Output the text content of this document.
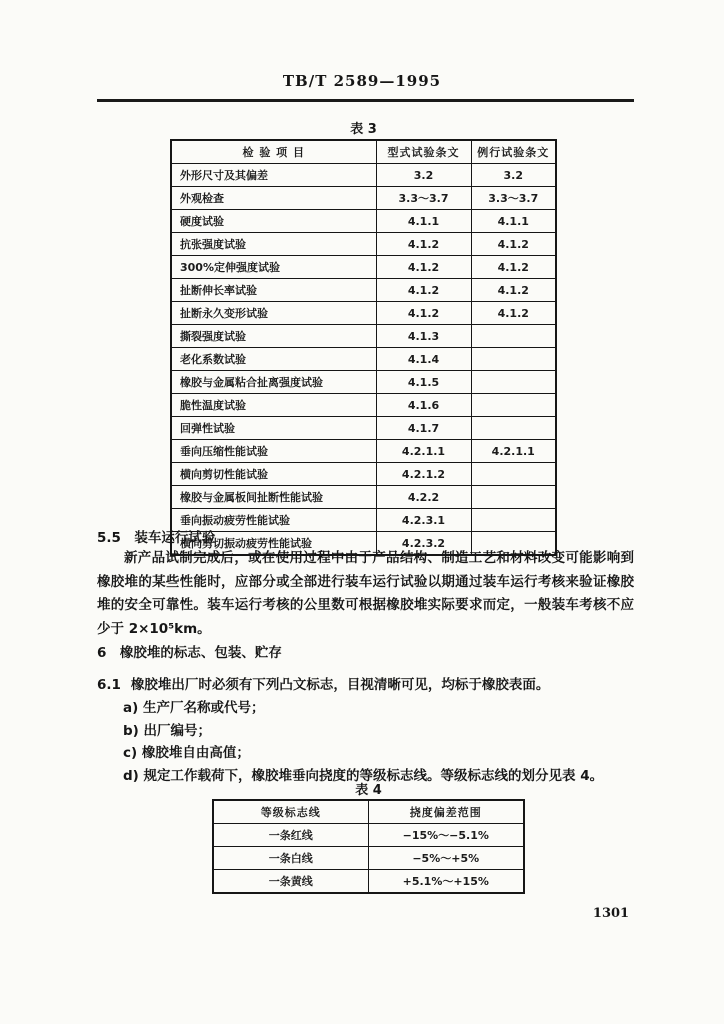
TB/T 2589—1995
表 3
检 验 项 目	型式试验条文	例行试验条文
外形尺寸及其偏差	3.2	3.2
外观检查	3.3～3.7	3.3～3.7
硬度试验	4.1.1	4.1.1
抗张强度试验	4.1.2	4.1.2
300%定伸强度试验	4.1.2	4.1.2
扯断伸长率试验	4.1.2	4.1.2
扯断永久变形试验	4.1.2	4.1.2
撕裂强度试验	4.1.3	
老化系数试验	4.1.4	
橡胶与金属粘合扯离强度试验	4.1.5	
脆性温度试验	4.1.6	
回弹性试验	4.1.7	
垂向压缩性能试验	4.2.1.1	4.2.1.1
横向剪切性能试验	4.2.1.2	
橡胶与金属板间扯断性能试验	4.2.2	
垂向振动疲劳性能试验	4.2.3.1	
横向剪切振动疲劳性能试验	4.2.3.2	
5.5　装车运行试验
新产品试制完成后，或在使用过程中由于产品结构、制造工艺和材料改变可能影响到橡胶堆的某些性能时，应部分或全部进行装车运行试验以期通过装车运行考核来验证橡胶堆的安全可靠性。装车运行考核的公里数可根据橡胶堆实际要求而定，一般装车考核不应少于 2×10⁵km。
6　橡胶堆的标志、包装、贮存
6.1 橡胶堆出厂时必须有下列凸文标志，目视清晰可见，均标于橡胶表面。
a) 生产厂名称或代号；
b) 出厂编号；
c) 橡胶堆自由高值；
d) 规定工作载荷下，橡胶堆垂向挠度的等级标志线。等级标志线的划分见表 4。
表 4
等级标志线	挠度偏差范围
一条红线	−15%～−5.1%
一条白线	−5%～+5%
一条黄线	+5.1%～+15%
1301
